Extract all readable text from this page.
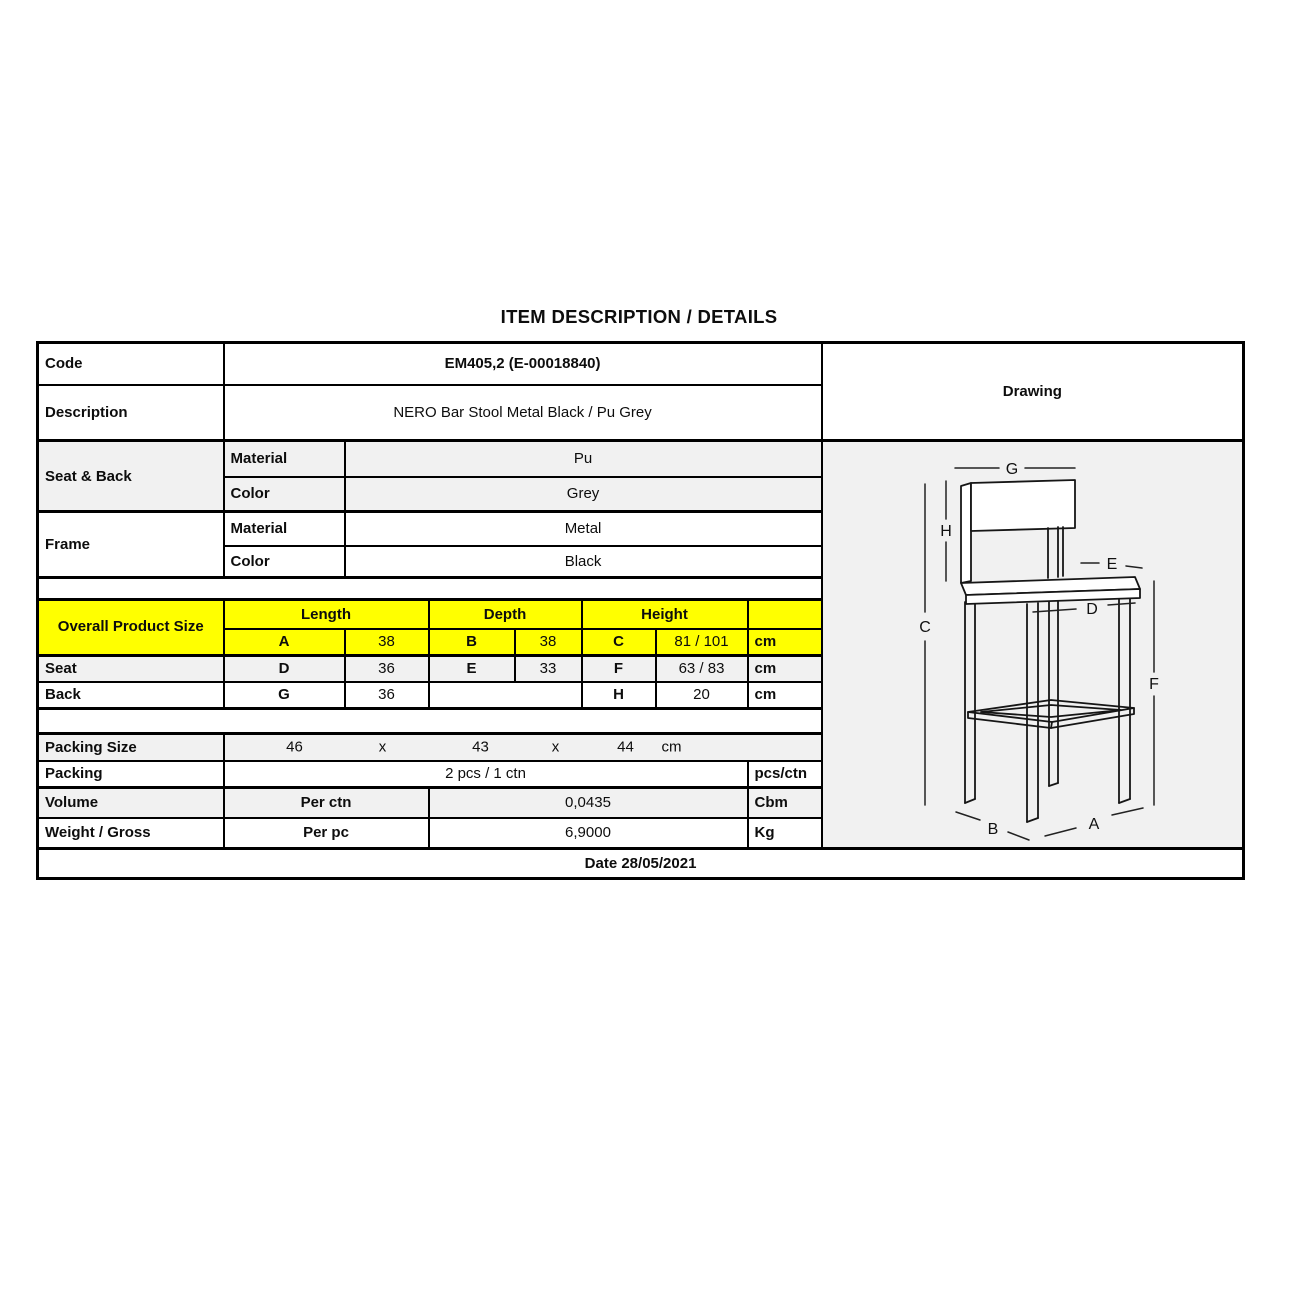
ITEM DESCRIPTION / DETAILS
Code	EM405,2 (E-00018840)							Drawing
Description	NERO Bar Stool Metal Black / Pu Grey							
Seat & Back	Material	Pu	
G
H
C
E
D
F
B	A

	Color	Grey						
Frame	Material	Metal						
	Color	Black						

Overall Product Size	Length		Depth		Height			
	A	38	B	38	C	81 / 101	cm	
Seat	D	36	E	33	F	63 / 83	cm	
Back	G	36			H	20	cm	

Packing Size	46	x	43	x	44 cm

Packing	2 pcs / 1 ctn						pcs/ctn	
Volume	Per ctn		0,0435				Cbm	
Weight / Gross	Per pc		6,9000				Kg	
Date 28/05/2021								
